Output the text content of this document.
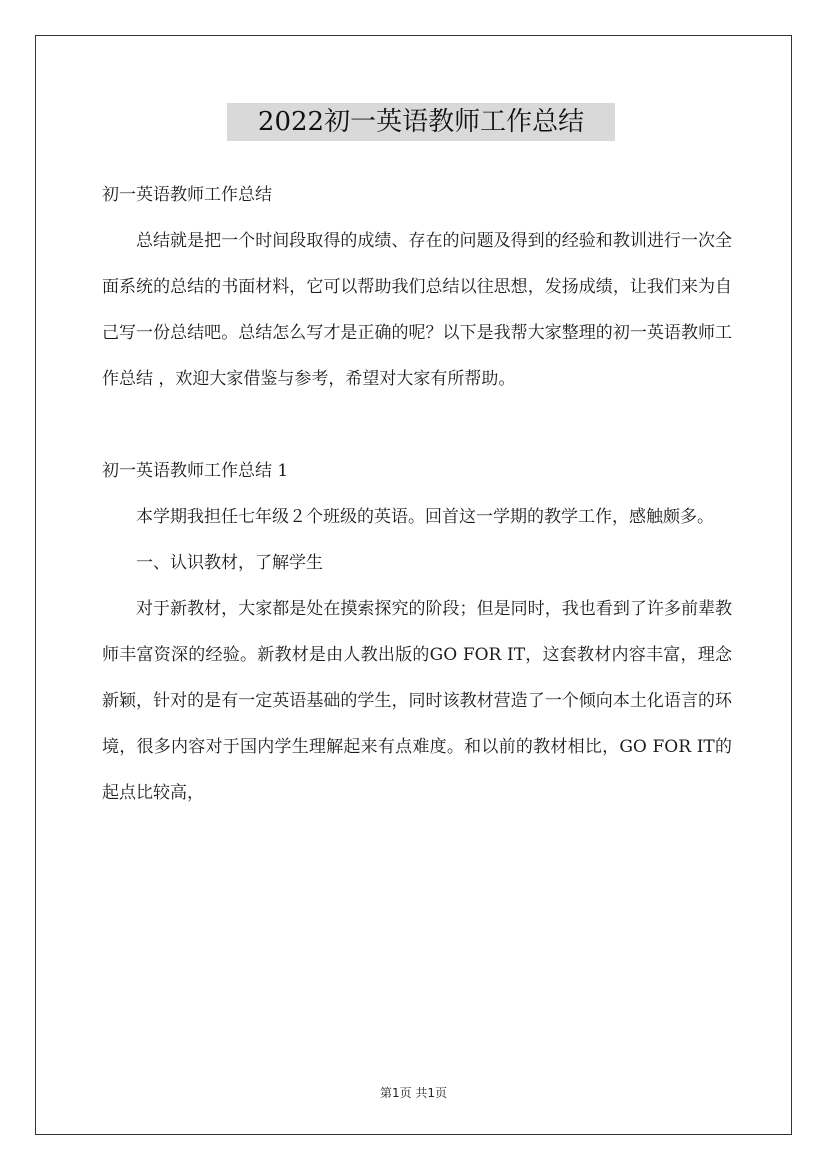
2022初一英语教师工作总结

初一英语教师工作总结

总结就是把一个时间段取得的成绩、存在的问题及得到的经验和教训进行一次全面系统的总结的书面材料，它可以帮助我们总结以往思想，发扬成绩，让我们来为自己写一份总结吧。总结怎么写才是正确的呢？以下是我帮大家整理的初一英语教师工作总结 ，欢迎大家借鉴与参考，希望对大家有所帮助。

初一英语教师工作总结 1

本学期我担任七年级２个班级的英语。回首这一学期的教学工作，感触颇多。

一、认识教材，了解学生

对于新教材，大家都是处在摸索探究的阶段；但是同时，我也看到了许多前辈教师丰富资深的经验。新教材是由人教出版的GO FOR IT，这套教材内容丰富，理念新颖，针对的是有一定英语基础的学生，同时该教材营造了一个倾向本土化语言的环境，很多内容对于国内学生理解起来有点难度。和以前的教材相比，GO FOR IT的起点比较高，

第1页 共1页
